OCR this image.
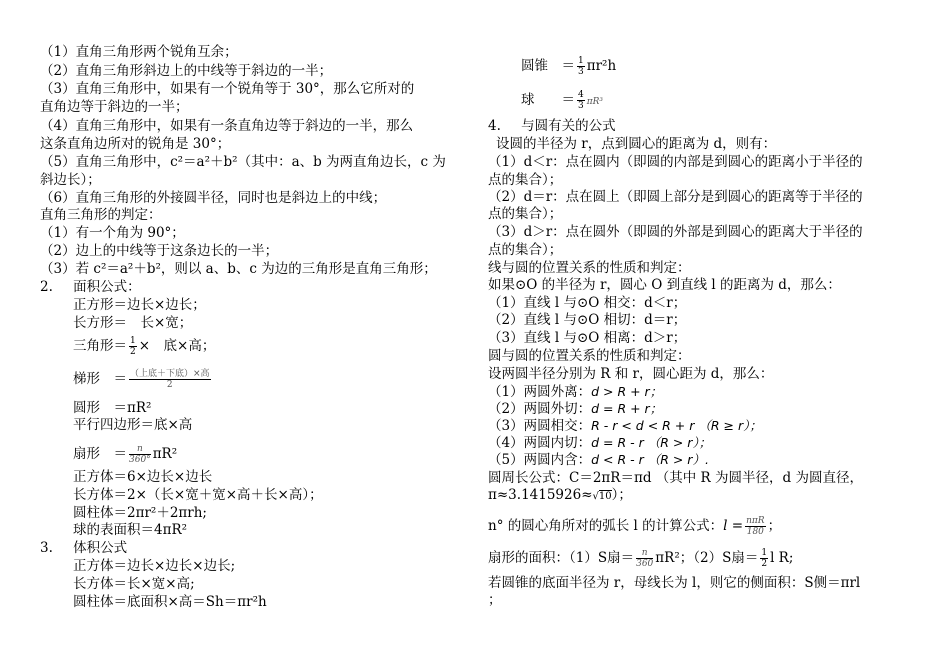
（1）直角三角形两个锐角互余；
（2）直角三角形斜边上的中线等于斜边的一半；
（3）直角三角形中，如果有一个锐角等于 30°，那么它所对的
直角边等于斜边的一半；
（4）直角三角形中，如果有一条直角边等于斜边的一半，那么
这条直角边所对的锐角是 30°；
（5）直角三角形中，c²＝a²＋b²（其中：a、b 为两直角边长，c 为
斜边长）；
（6）直角三角形的外接圆半径，同时也是斜边上的中线；
直角三角形的判定：
（1）有一个角为 90°；
（2）边上的中线等于这条边长的一半；
（3）若 c²＝a²＋b²，则以 a、b、c 为边的三角形是直角三角形；
2.   面积公式：
正方形＝边长×边长；
长方形＝　长×宽；
三角形＝ $\frac{1}{2}$ ×　底×高；
梯形　＝ $\frac{\text{（上底＋下底）×高}}{2}$
圆形　＝πR²
平行四边形＝底×高
扇形　＝ $\frac{n}{360^\circ} \pi R^2$
正方体＝6×边长×边长
长方体＝2×（长×宽＋宽×高＋长×高）；
圆柱体＝2πr²＋2πrh;
球的表面积＝4πR²
3.   体积公式
正方体＝边长×边长×边长;
长方体＝长×宽×高;
圆柱体＝底面积×高＝Sh＝πr²h
圆锥　＝ $\frac{1}{3} \pi r^2h$
球　　＝ $\frac{4}{3} \pi R^3$
4.   与圆有关的公式
设圆的半径为 r，点到圆心的距离为 d，则有：
（1）d＜r：点在圆内（即圆的内部是到圆心的距离小于半径的
点的集合）；
（2）d＝r：点在圆上（即圆上部分是到圆心的距离等于半径的
点的集合）；
（3）d＞r：点在圆外（即圆的外部是到圆心的距离大于半径的
点的集合）；
线与圆的位置关系的性质和判定：
如果⊙O 的半径为 r，圆心 O 到直线 l 的距离为 d，那么：
（1）直线 l 与⊙O 相交：d＜r；
（2）直线 l 与⊙O 相切：d＝r；
（3）直线 l 与⊙O 相离：d＞r；
圆与圆的位置关系的性质和判定：
设两圆半径分别为 R 和 r，圆心距为 d，那么：
（1）两圆外离：d > R + r；
（2）两圆外切：d = R + r；
（3）两圆相交：R - r < d < R + r （R ≥ r）；
（4）两圆内切：d = R - r （R > r）；
（5）两圆内含：d < R - r （R > r）.
圆周长公式：C＝2πR＝πd （其中 R 为圆半径，d 为圆直径，
π≈3.1415926≈√10）；
n° 的圆心角所对的弧长 l 的计算公式：$l = \frac{\text{nπR}}{180}$ ；
扇形的面积：（1）S扇＝ $\frac{n}{360} \pi R^2$；（2）S扇＝ $\frac{1}{2}$ l R;
若圆锥的底面半径为 r，母线长为 l，则它的侧面积：S侧＝πrl
；
